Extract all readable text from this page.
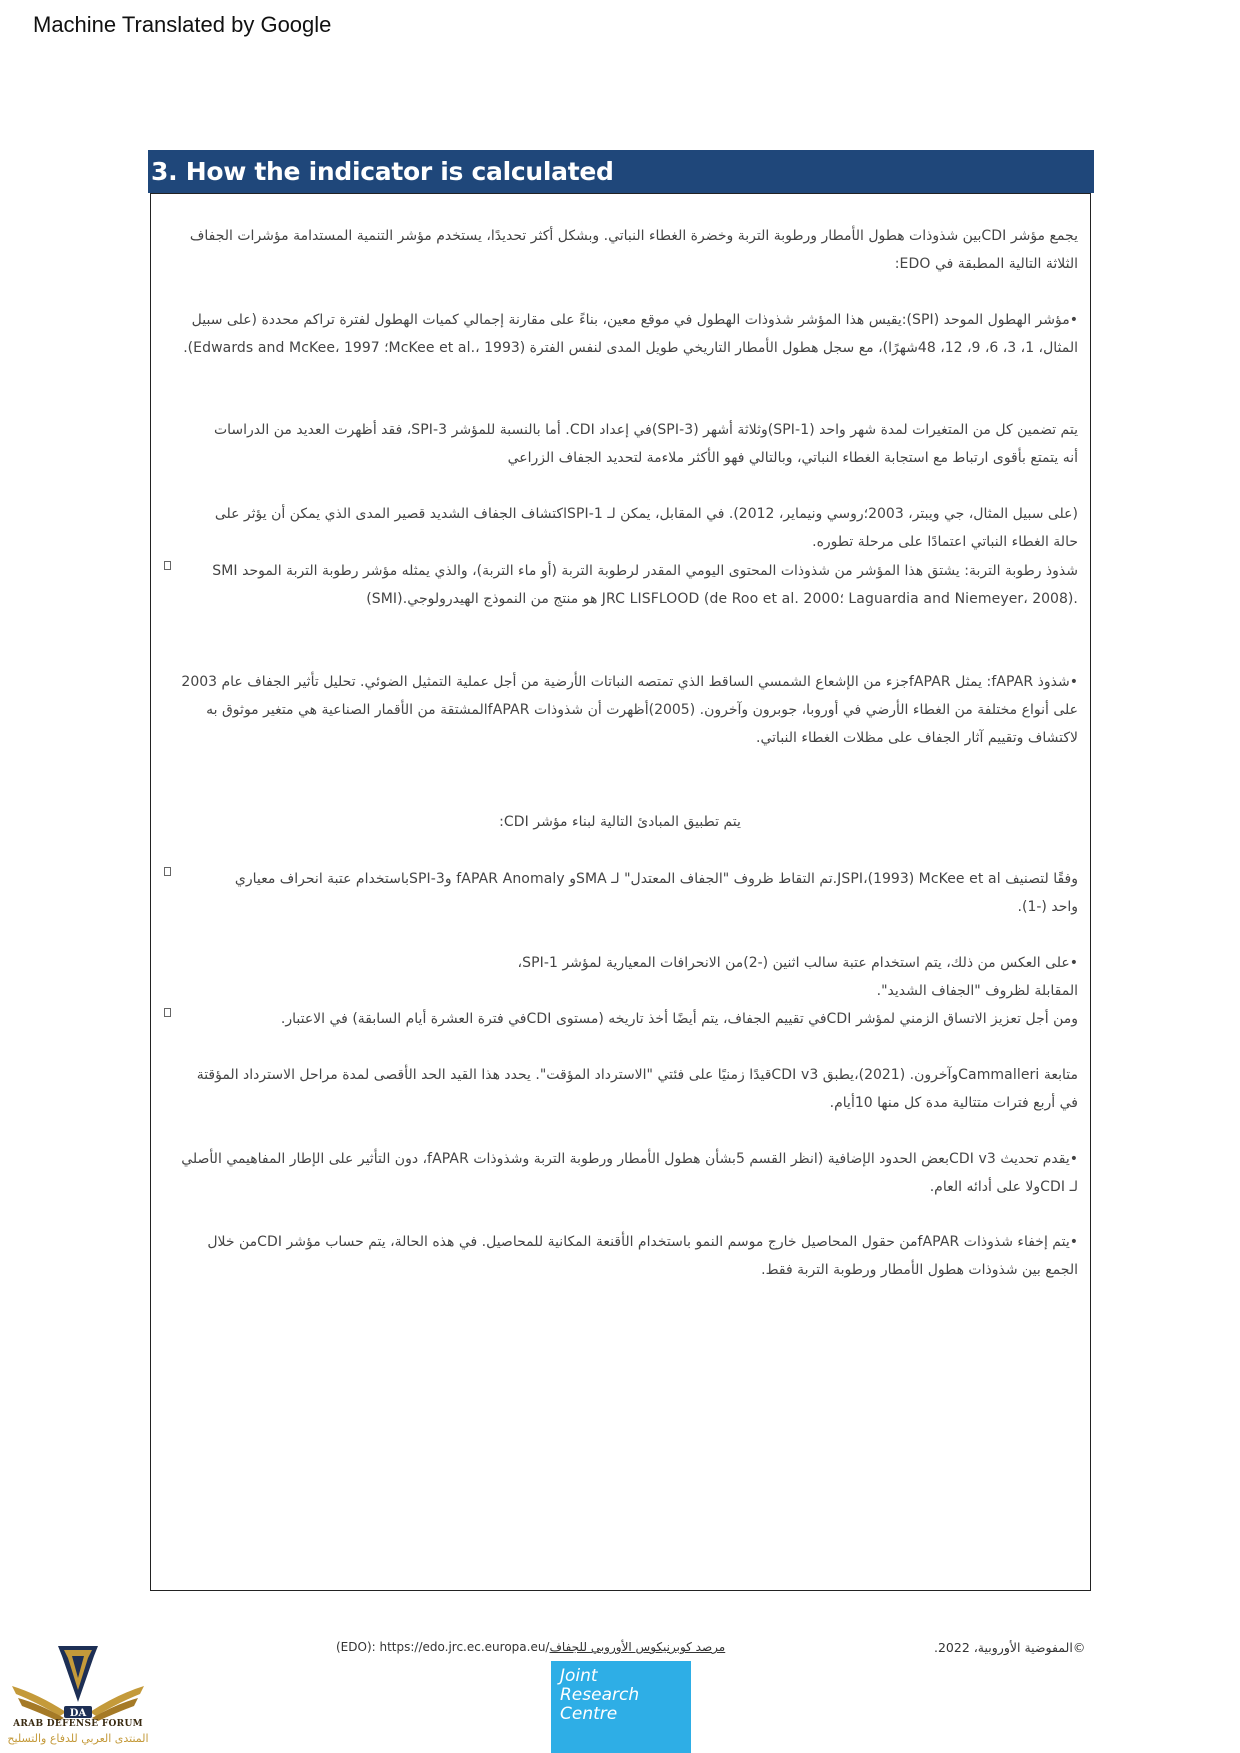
Machine Translated by Google
3. How the indicator is calculated
يجمع مؤشر CDIبين شذوذات هطول الأمطار ورطوبة التربة وخضرة الغطاء النباتي. وبشكل أكثر تحديدًا، يستخدم مؤشر التنمية المستدامة مؤشرات الجفاف
الثلاثة التالية المطبقة في EDO:
•مؤشر الهطول الموحد (SPI):يقيس هذا المؤشر شذوذات الهطول في موقع معين، بناءً على مقارنة إجمالي كميات الهطول لفترة تراكم محددة (على سبيل
المثال، 1، 3، 6، 9، 12، 48شهرًا)، مع سجل هطول الأمطار التاريخي طويل المدى لنفس الفترة (McKee et al.، 1993؛ Edwards and McKee، 1997).
يتم تضمين كل من المتغيرات لمدة شهر واحد (SPI-1)وثلاثة أشهر (SPI-3)في إعداد CDI. أما بالنسبة للمؤشر SPI-3، فقد أظهرت العديد من الدراسات
أنه يتمتع بأقوى ارتباط مع استجابة الغطاء النباتي، وبالتالي فهو الأكثر ملاءمة لتحديد الجفاف الزراعي
(على سبيل المثال، جي ويبتر، 2003؛روسي ونيماير، 2012). في المقابل، يمكن لـ SPI-1اكتشاف الجفاف الشديد قصير المدى الذي يمكن أن يؤثر على
حالة الغطاء النباتي اعتمادًا على مرحلة تطوره.
شذوذ رطوبة التربة: يشتق هذا المؤشر من شذوذات المحتوى اليومي المقدر لرطوبة التربة (أو ماء التربة)، والذي يمثله مؤشر رطوبة التربة الموحد SMI
(SMI).هو منتج من النموذج الهيدرولوجي JRC LISFLOOD (de Roo et al. 2000؛ Laguardia and Niemeyer، 2008).
•شذوذ fAPAR: يمثل fAPARجزء من الإشعاع الشمسي الساقط الذي تمتصه النباتات الأرضية من أجل عملية التمثيل الضوئي. تحليل تأثير الجفاف عام 2003
على أنواع مختلفة من الغطاء الأرضي في أوروبا، جوبرون وآخرون. (2005)أظهرت أن شذوذات fAPARالمشتقة من الأقمار الصناعية هي متغير موثوق به
لاكتشاف وتقييم آثار الجفاف على مظلات الغطاء النباتي.
يتم تطبيق المبادئ التالية لبناء مؤشر CDI:
وفقًا لتصنيف JSPI،(1993) McKee et al.تم التقاط ظروف "الجفاف المعتدل" لـ SMAو fAPAR Anomaly وSPI-3باستخدام عتبة انحراف معياري
واحد (-1).
•على العكس من ذلك، يتم استخدام عتبة سالب اثنين (-2)من الانحرافات المعيارية لمؤشر SPI-1،
المقابلة لظروف "الجفاف الشديد".
ومن أجل تعزيز الاتساق الزمني لمؤشر CDIفي تقييم الجفاف، يتم أيضًا أخذ تاريخه (مستوى CDIفي فترة العشرة أيام السابقة) في الاعتبار.
متابعة Cammalleriوآخرون. (2021)،يطبق CDI v3قيدًا زمنيًا على فئتي "الاسترداد المؤقت". يحدد هذا القيد الحد الأقصى لمدة مراحل الاسترداد المؤقتة
في أربع فترات متتالية مدة كل منها 10أيام.
•يقدم تحديث CDI v3بعض الحدود الإضافية (انظر القسم 5بشأن هطول الأمطار ورطوبة التربة وشذوذات fAPAR، دون التأثير على الإطار المفاهيمي الأصلي
لـ CDIولا على أدائه العام.
•يتم إخفاء شذوذات fAPARمن حقول المحاصيل خارج موسم النمو باستخدام الأقنعة المكانية للمحاصيل. في هذه الحالة، يتم حساب مؤشر CDIمن خلال
الجمع بين شذوذات هطول الأمطار ورطوبة التربة فقط.
(EDO): https://edo.jrc.ec.europa.eu/مرصد كوبرنيكوس الأوروبي للجفاف	©المفوضية الأوروبية، 2022.
Joint
Research
Centre
DA
ARAB DEFENSE FORUM
المنتدى العربي للدفاع والتسليح
